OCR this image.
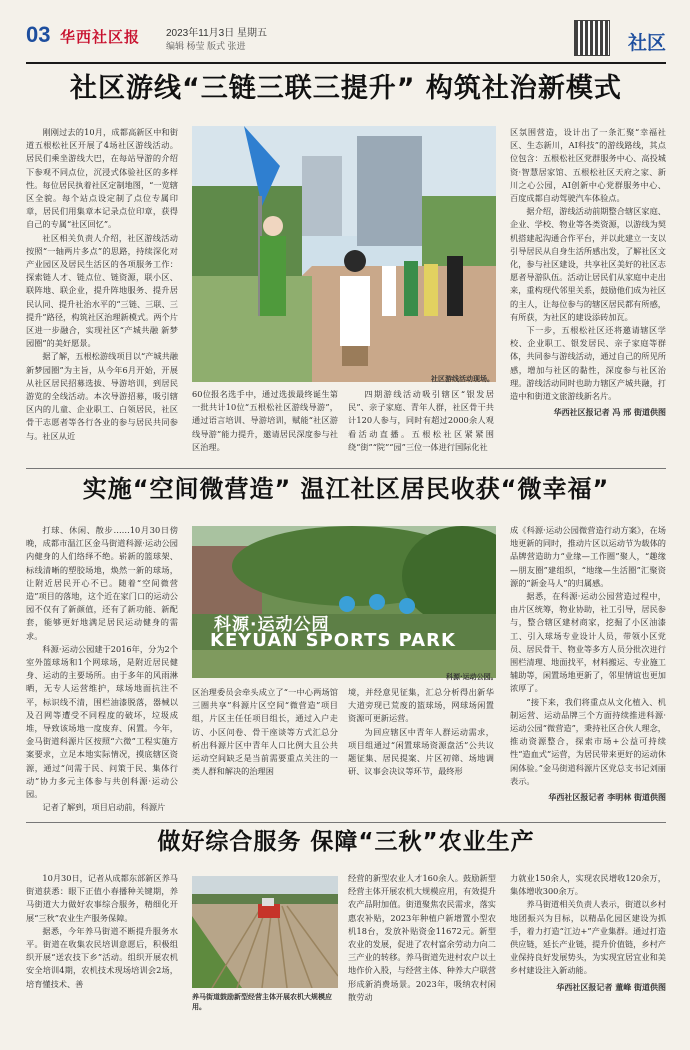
03 华西社区报	2023年11月3日 星期五
编辑 杨莹 版式 张进	社区
社区游线“三链三联三提升” 构筑社治新模式

刚刚过去的10月，成都高新区中和街道五根松社区开展了4场社区游线活动。居民们乘坐游线大巴，在每站导游的介绍下参观不同点位，沉浸式体验社区的多样性。每位居民执着社区定制地图，“一览辖区全貌。每个站点设定制了点位专属印章，居民们用集章本记录点位印章，获得自己的专属“社区回忆”。

社区相关负责人介绍，社区游线活动按照“一轴两片多点”的思路，持续深化对产业园区及居民生活区的各项服务工作：探索链人才、链点位、链资源，联小区、联阵地、联企业，提升阵地服务、提升居民认同、提升社治水平的“三链、三联、三提升”路径，构筑社区治理新模式。两个片区进一步融合，实现社区“产城共融 新梦园圈”的美好愿景。

据了解，五根松游线项目以“产城共融 新梦园圈”为主旨，从今年6月开始，开展从社区居民招募选拔、导游培训，到居民游览的全线活动。本次导游招募，吸引辖区内的儿童、企业职工、白领居民，社区骨干志愿者等各行各业的参与居民共同参与。社区从近

社区游线活动现场。

60位报名选手中，通过选拔最终诞生第一批共计10位“五根松社区游线导游”，通过语言培训、导游培训，赋能“社区游线导游”能力提升，邀请居民深度参与社区治理。

四期游线活动吸引辖区“银发居民”、亲子家庭、青年人群，社区骨干共计120人参与，同时有超过2000余人观看活动直播。五根松社区紧紧围绕“街”“院”“园”三位一体进行国际化社

区氛围营造，设计出了一条汇聚“幸福社区、生态新川，AI科技”的游线路线，其点位包含：五根松社区党群服务中心、高投城资·智慧居家馆、五根松社区天府之家、新川之心公园，AI创新中心党群服务中心、百度成都自动驾驶汽车体验点。

据介绍，游线活动前期整合辖区家庭、企业、学校、物业等各类资源，以游线为契机搭建起沟通合作平台，并以此建立一支以引导居民从自身生活所感出发，了解社区文化，参与社区建设，共享社区美好的社区志愿者导游队伍。活动让居民们从家庭中走出来，重构现代邻里关系，鼓励他们成为社区的主人，让每位参与的辖区居民都有所感，有所获，为社区的建设添砖加瓦。

下一步，五根松社区还将邀请辖区学校、企业职工、银发居民、亲子家庭等群体，共同参与游线活动，通过自己的所见所感，增加与社区的黏性，深度参与社区治理。游线活动同时也助力辖区产城共融，打造中和街道文旅游线新名片。

华西社区报记者 冯 邢 街道供图
实施“空间微营造” 温江社区居民收获“微幸福”

打球、休闲、散步……10月30日傍晚，成都市温江区金马街道科源·运动公园内健身的人们络绎不绝。崭新的篮球架、标线清晰的塑胶场地，焕然一新的球场，让附近居民开心不已。随着“空间微营造”项目的落地，这个近在家门口的运动公园不仅有了新颜值，还有了新功能、新配套，能够更好地满足居民运动健身的需求。

科源·运动公园建于2016年，分为2个室外篮球场和1个网球场，是附近居民健身、运动的主要场所。由于多年的风雨淋晒，无专人运营维护，球场地面抗注不平，标识线不清，围栏油漆脱落，器械以及召网等遭受不同程度的破坏，垃圾成堆，导致该场地一度废弃、闲置。今年，金马街道科源片区按照“六微”工程实施方案要求，立足本地实际情况，摸底辖区资源，通过“问需于民、问策于民、集体行动”协力多元主体参与共创科源·运动公园。

记者了解到，项目启动前，科源片

科源·运动公园
KEYUAN SPORTS PARK
科源·运动公园。

区治理委员会牵头成立了“一中心两场馆三圈共享”科源片区空间“微营造”项目组，片区主任任项目组长，通过入户走访、小区问卷、骨干座谈等方式汇总分析出科源片区中青年人口比例大且公共运动空间缺乏是当前需要重点关注的一类人群和解决的治理困

境，并经意见征集，汇总分析得出新华大道旁现已荒废的篮球场，网球场闲置资源可更新运营。

为回应辖区中青年人群运动需求，项目组通过“闲置球场资源盘活”公共议题征集、居民提案、片区初筛、场地调研、议事会决议等环节，最终形

成《科源·运动公园微营造行动方案》，在场地更新的同时，推动片区以运动节为载体的品牌营造助力“业缘—工作圈”聚人，“趣缘—朋友圈”建组织，“地缘—生活圈”汇聚资源的“新金马人”的归属感。

据悉，在科源·运动公园营造过程中，由片区统筹，物业协助，社工引导，居民参与，整合辖区建材商家，挖掘了小区油漆工、引入球场专业设计人员，带领小区党员、居民骨干、物业等多方人员分批次进行围栏清理、地面找平，材料搬运、专业施工辅助等，闲置场地更新了，邻里情谊也更加浓厚了。

“接下来，我们将重点从文化植入、机制运营、运动品牌三个方面持续推进科源·运动公园“微营造”，秉持社区合伙人理念，推动资源整合，探索市场+公益可持续性“造血式”运营，为居民带来更好的运动休闲体验。”金马街道科源片区党总支书记刘丽表示。

华西社区报记者 李明林 街道供图
做好综合服务 保障“三秋”农业生产

10月30日，记者从成都东部新区养马街道获悉：眼下正值小春播种关键期，养马街道大力做好农事综合服务，精细化开展“三秋”农业生产服务保障。

据悉，今年养马街道不断提升服务水平。街道在收集农民培训意愿后，积极组织开展“送农技下乡”活动。组织开展农机安全培训4期，农机技术现场培训会2场，培育懂技术、善

养马街道鼓励新型经营主体开展农机大规模应用。

经营的新型农业人才160余人。鼓励新型经营主体开展农机大规模应用，有效提升农产品附加值。街道聚焦农民需求，落实惠农补贴，2023年种植户新增置小型农机18台，发放补贴资金11672元。新型农业的发展，促进了农村富余劳动力向二三产业的转移。养马街道先进村农户以土地作价入股，与经营主体、种养大户联营形成新消费场景。2023年，吸纳农村闲散劳动

力就业150余人，实现农民增收120余万，集体增收300余万。

养马街道相关负责人表示，街道以乡村地团振兴为目标，以精品化园区建设为抓手，着力打造“江边+”产业集群。通过打造供应链，延长产业链，提升价值链，乡村产业保持良好发展势头，为实现宜居宜业和美乡村建设注入新动能。

华西社区报记者 董峰 街道供图
